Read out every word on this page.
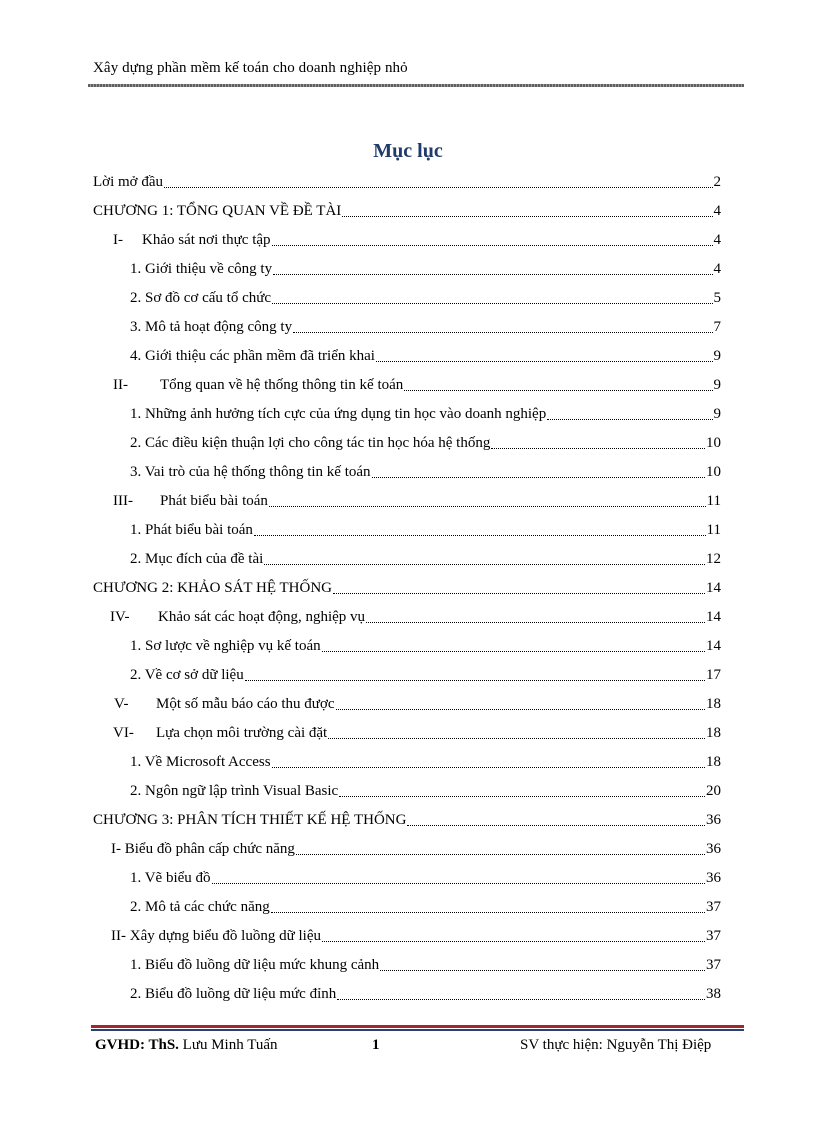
Xây dựng phần mềm kế toán cho doanh nghiệp nhỏ
Mục lục
Lời mở đầu	2
CHƯƠNG 1: TỔNG QUAN VỀ ĐỀ TÀI	4
I-	Khảo sát nơi thực tập	4
1. Giới thiệu về công ty	4
2. Sơ đồ cơ cấu tổ chức	5
3. Mô tả hoạt động công ty	7
4. Giới thiệu các phần mềm đã triển khai	9
II-	Tổng quan về hệ thống thông tin kế toán	9
1. Những ảnh hưởng tích cực của ứng dụng tin học vào doanh nghiệp	9
2. Các điều kiện thuận lợi cho công tác tin học hóa hệ thống	10
3. Vai trò của hệ thống thông tin kế toán	10
III-	Phát biểu bài toán	11
1. Phát biểu bài toán	11
2. Mục đích của đề tài	12
CHƯƠNG 2: KHẢO SÁT HỆ THỐNG	14
IV-	Khảo sát các hoạt động, nghiệp vụ	14
1. Sơ lược về nghiệp vụ kế toán	14
2. Về cơ sở dữ liệu	17
V-	Một số mẫu báo cáo thu được	18
VI-	Lựa chọn môi trường cài đặt	18
1. Về Microsoft Access	18
2. Ngôn ngữ lập trình Visual Basic	20
CHƯƠNG 3: PHÂN TÍCH THIẾT KẾ HỆ THỐNG	36
I- Biểu đồ phân cấp chức năng	36
1. Vẽ biểu đồ	36
2. Mô tả các chức năng	37
II- Xây dựng biểu đồ luồng dữ liệu	37
1. Biểu đồ luồng dữ liệu mức khung cảnh	37
2. Biểu đồ luồng dữ liệu mức đỉnh	38
GVHD: ThS. Lưu Minh Tuấn	1	SV thực hiện: Nguyễn Thị Điệp
